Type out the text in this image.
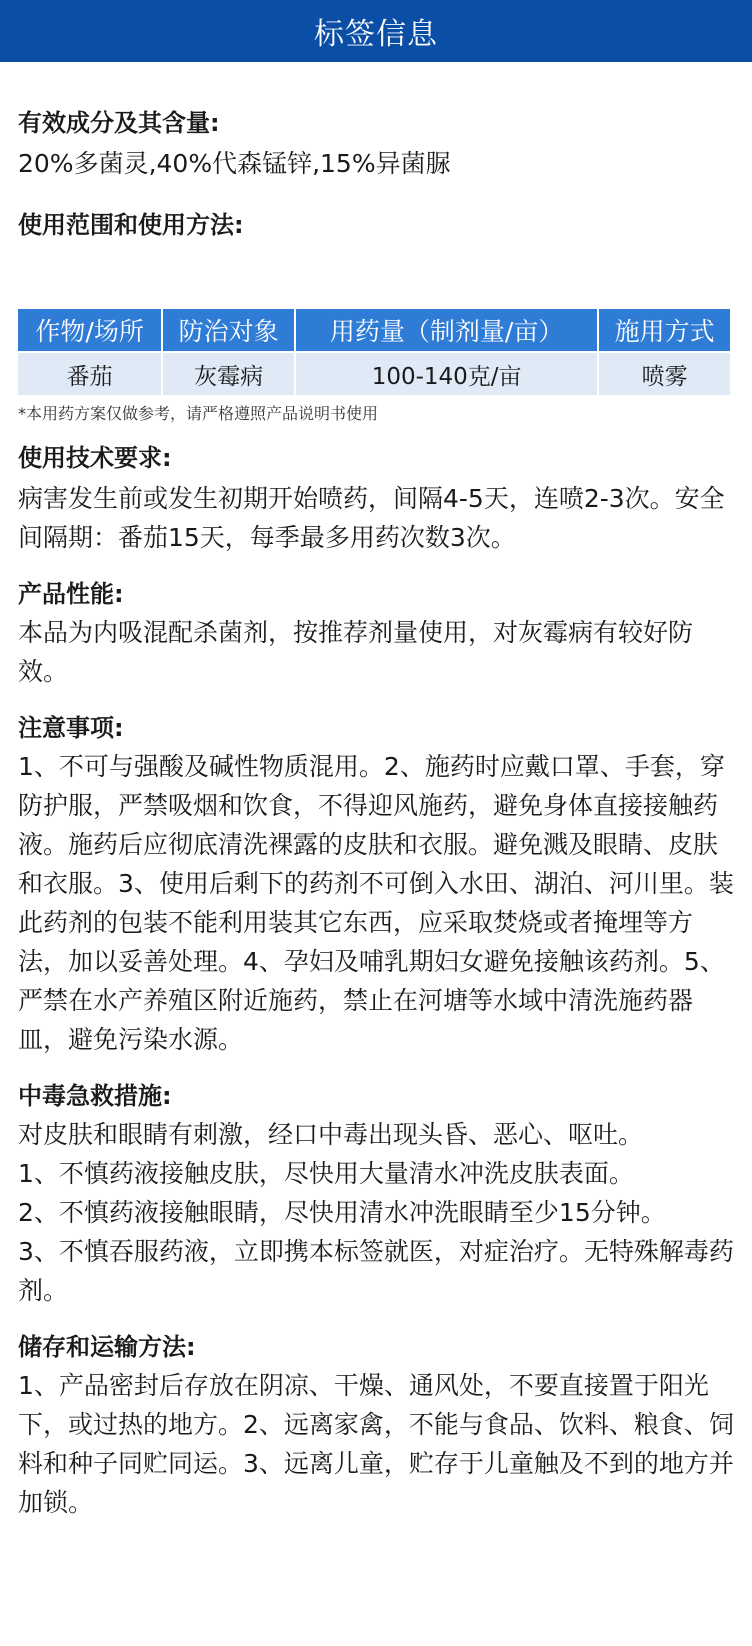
标签信息

有效成分及其含量:

20%多菌灵,40%代森锰锌,15%异菌脲

使用范围和使用方法:

作物/场所	防治对象	用药量（制剂量/亩）	施用方式
番茄	灰霉病	100-140克/亩	喷雾

*本用药方案仅做参考，请严格遵照产品说明书使用

使用技术要求:

病害发生前或发生初期开始喷药，间隔4-5天，连喷2-3次。安全间隔期：番茄15天，每季最多用药次数3次。

产品性能:

本品为内吸混配杀菌剂，按推荐剂量使用，对灰霉病有较好防效。

注意事项:

1、不可与强酸及碱性物质混用。2、施药时应戴口罩、手套，穿防护服，严禁吸烟和饮食，不得迎风施药，避免身体直接接触药液。施药后应彻底清洗裸露的皮肤和衣服。避免溅及眼睛、皮肤和衣服。3、使用后剩下的药剂不可倒入水田、湖泊、河川里。装此药剂的包装不能利用装其它东西，应采取焚烧或者掩埋等方法，加以妥善处理。4、孕妇及哺乳期妇女避免接触该药剂。5、严禁在水产养殖区附近施药，禁止在河塘等水域中清洗施药器皿，避免污染水源。

中毒急救措施:

对皮肤和眼睛有刺激，经口中毒出现头昏、恶心、呕吐。
1、不慎药液接触皮肤，尽快用大量清水冲洗皮肤表面。
2、不慎药液接触眼睛，尽快用清水冲洗眼睛至少15分钟。
3、不慎吞服药液，立即携本标签就医，对症治疗。无特殊解毒药剂。

储存和运输方法:

1、产品密封后存放在阴凉、干燥、通风处，不要直接置于阳光下，或过热的地方。2、远离家禽，不能与食品、饮料、粮食、饲料和种子同贮同运。3、远离儿童，贮存于儿童触及不到的地方并加锁。
